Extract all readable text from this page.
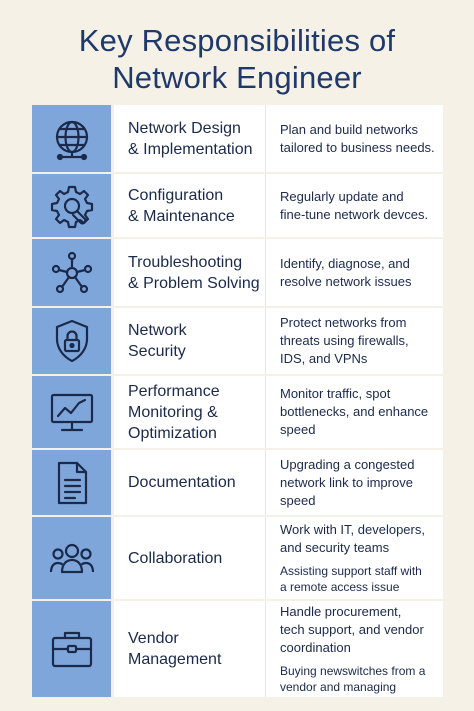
Key Responsibilities of
Network Engineer
Network Design
& Implementation
Plan and build networks
tailored to business needs.
Configuration
& Maintenance
Regularly update and
fine-tune network devces.
Troubleshooting
& Problem Solving
Identify, diagnose, and
resolve network issues
Network
Security
Protect networks from
threats using firewalls,
IDS, and VPNs
Performance
Monitoring &
Optimization
Monitor traffic, spot
bottlenecks, and enhance
speed
Documentation
Upgrading a congested
network link to improve
speed
Collaboration
Work with IT, developers,
and security teams
Assisting support staff with
a remote access issue
Vendor
Management
Handle procurement,
tech support, and vendor
coordination
Buying newswitches from a
vendor and managing
